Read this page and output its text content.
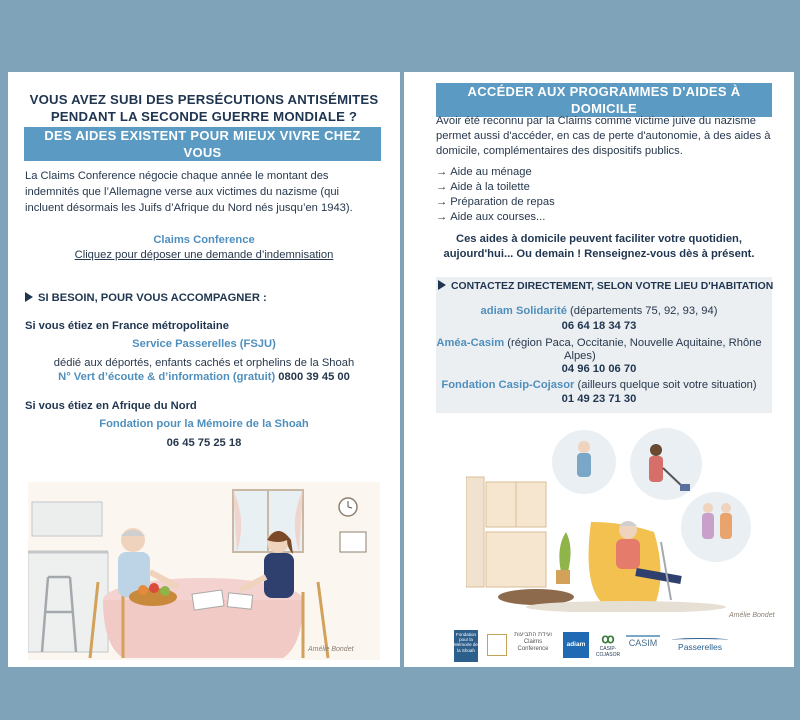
VOUS AVEZ SUBI DES PERSÉCUTIONS ANTISÉMITES
PENDANT LA SECONDE GUERRE MONDIALE ?
DES AIDES EXISTENT POUR MIEUX VIVRE CHEZ VOUS
La Claims Conference négocie chaque année le montant des
indemnités que l’Allemagne verse aux victimes du nazisme (qui
incluent désormais les Juifs d’Afrique du Nord nés jusqu’en 1943).
Claims Conference
Cliquez pour déposer une demande d’indemnisation
SI BESOIN, POUR VOUS ACCOMPAGNER :
Si vous étiez en France métropolitaine
Service Passerelles (FSJU)
dédié aux déportés, enfants cachés et orphelins de la Shoah
N° Vert d’écoute & d’information (gratuit) 0800 39 45 00
Si vous étiez en Afrique du Nord
Fondation pour la Mémoire de la Shoah
06 45 75 25 18
Amélie Bondet
ACCÉDER AUX PROGRAMMES D'AIDES À DOMICILE
Avoir été reconnu par la Claims comme victime juive du nazisme
permet aussi d'accéder, en cas de perte d'autonomie, à des aides à
domicile, complémentaires des dispositifs publics.
→ Aide au ménage
→ Aide à la toilette
→ Préparation de repas
→ Aide aux courses...
Ces aides à domicile peuvent faciliter votre quotidien,
aujourd'hui... Ou demain ! Renseignez-vous dès à présent.
CONTACTEZ DIRECTEMENT, SELON VOTRE LIEU D'HABITATION
adiam Solidarité (départements 75, 92, 93, 94)
06 64 18 34 73
Améa-Casim (région Paca, Occitanie, Nouvelle Aquitaine, Rhône
Alpes)
04 96 10 06 70
Fondation Casip-Cojasor (ailleurs quelque soit votre situation)
01 49 23 71 30
Amélie Bondet
Fondation pour la Mémoire de la Shoah
ועידת התביעות
Claims Conference
adiam	ꝏ
CASIP-COJASOR
CASIM	Passerelles
